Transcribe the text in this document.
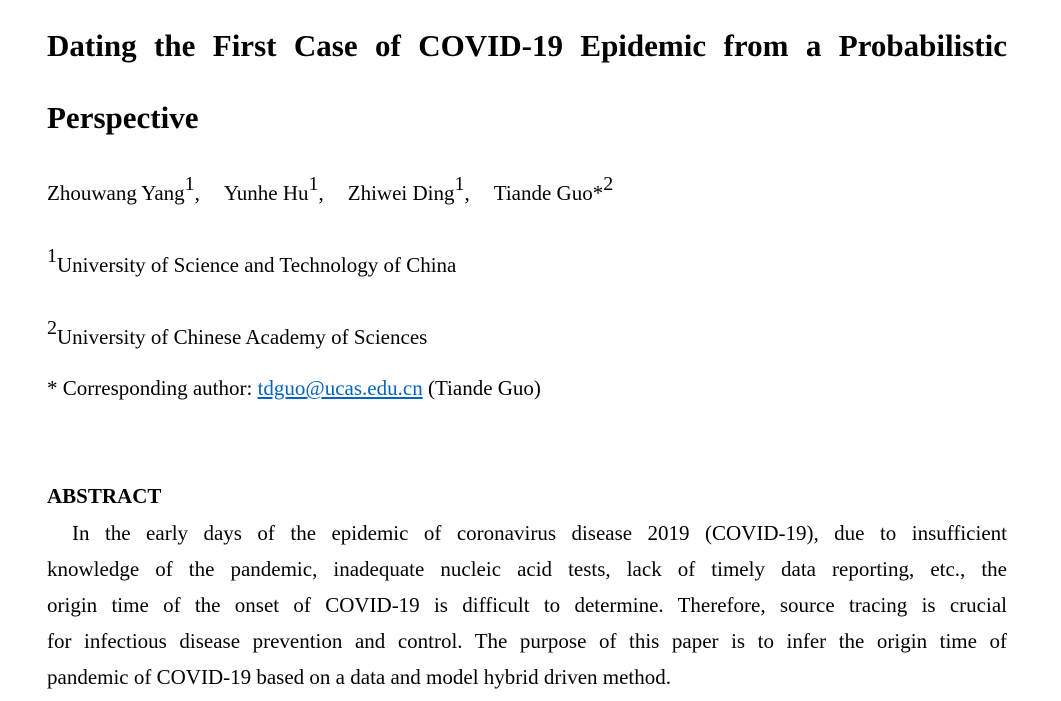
Dating the First Case of COVID-19 Epidemic from a Probabilistic
Perspective
Zhouwang Yang1, Yunhe Hu1, Zhiwei Ding1, Tiande Guo*2
1University of Science and Technology of China
2University of Chinese Academy of Sciences
* Corresponding author: tdguo@ucas.edu.cn (Tiande Guo)
ABSTRACT
In the early days of the epidemic of coronavirus disease 2019 (COVID-19), due to insufficient
knowledge of the pandemic, inadequate nucleic acid tests, lack of timely data reporting, etc., the
origin time of the onset of COVID-19 is difficult to determine. Therefore, source tracing is crucial
for infectious disease prevention and control. The purpose of this paper is to infer the origin time of
pandemic of COVID-19 based on a data and model hybrid driven method.
